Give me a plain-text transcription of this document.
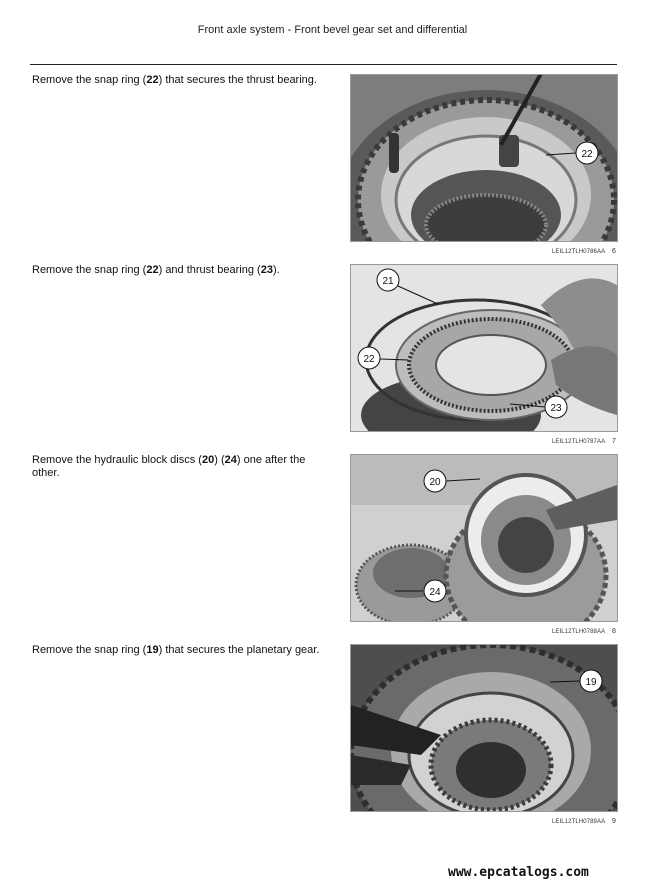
Front axle system - Front bevel gear set and differential
Remove the snap ring (22) that secures the thrust bearing.
22
LEIL12TLH0786AA 6
Remove the snap ring (22) and thrust bearing (23).
21
22
23
LEIL12TLH0787AA 7
Remove the hydraulic block discs (20) (24) one after the other.
20
24
LEIL12TLH0788AA 8
Remove the snap ring (19) that secures the planetary gear.
19
LEIL12TLH0789AA 9
www.epcatalogs.com
